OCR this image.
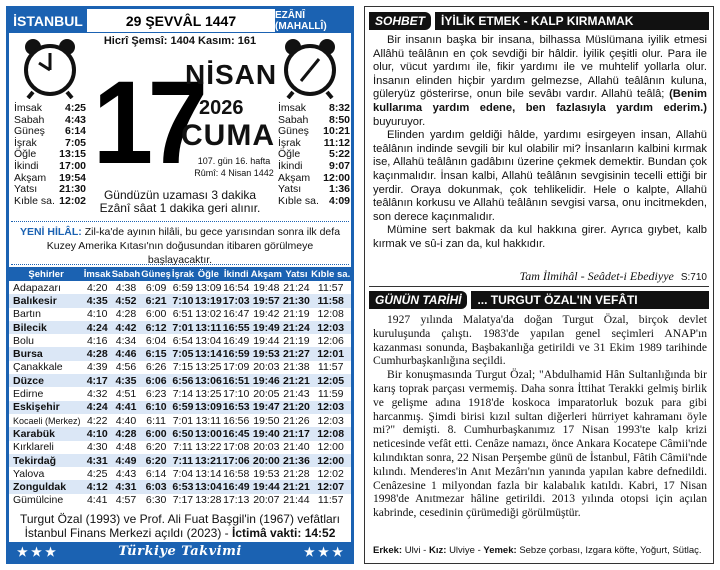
İSTANBUL	29 ŞEVVÂL 1447	EZÂNÎ (MAHALLÎ)
Hicrî Şemsî: 1404 Kasım: 161
17
NİSAN
2026
CUMA
107. gün 16. hafta
Rûmî: 4 Nisan 1442
İmsak 4:25
Sabah 4:43
Güneş 6:14
İşrak	7:05
Öğle 13:15
İkindi 17:00
Akşam 19:54
Yatsı 21:30
Kıble sa. 12:02
İmsak 8:32
Sabah 8:50
Güneş 10:21
İşrak 11:12
Öğle	5:22
İkindi	9:07
Akşam 12:00
Yatsı	1:36
Kıble sa. 4:09
Gündüzün uzaması 3 dakika
Ezânî sâat 1 dakika geri alınır.
YENİ HİLÂL: Zil-ka'de ayının hilâli, bu gece yarısından sonra ilk defa Kuzey Amerika Kıtası'nın doğusundan itibaren görülmeye başlayacaktır.
Şehirler	İmsak	Sabah	Güneş	İşrak	Öğle	İkindi	Akşam	Yatsı	Kıble sa.
Adapazarı	4:20	4:38	6:09	6:59	13:09	16:54	19:48	21:24	11:57
Balıkesir	4:35	4:52	6:21	7:10	13:19	17:03	19:57	21:30	11:58
Bartın	4:10	4:28	6:00	6:51	13:02	16:47	19:42	21:19	12:08
Bilecik	4:24	4:42	6:12	7:01	13:11	16:55	19:49	21:24	12:03
Bolu	4:16	4:34	6:04	6:54	13:04	16:49	19:44	21:19	12:06
Bursa	4:28	4:46	6:15	7:05	13:14	16:59	19:53	21:27	12:01
Çanakkale	4:39	4:56	6:26	7:15	13:25	17:09	20:03	21:38	11:57
Düzce	4:17	4:35	6:06	6:56	13:06	16:51	19:46	21:21	12:05
Edirne	4:32	4:51	6:23	7:14	13:25	17:10	20:05	21:43	11:59
Eskişehir	4:24	4:41	6:10	6:59	13:09	16:53	19:47	21:20	12:03
Kocaeli (Merkez)	4:22	4:40	6:11	7:01	13:11	16:56	19:50	21:26	12:03
Karabük	4:10	4:28	6:00	6:50	13:00	16:45	19:40	21:17	12:08
Kırklareli	4:30	4:48	6:20	7:11	13:22	17:08	20:03	21:40	12:00
Tekirdağ	4:31	4:49	6:20	7:11	13:21	17:06	20:00	21:36	12:00
Yalova	4:25	4:43	6:14	7:04	13:14	16:58	19:53	21:28	12:02
Zonguldak	4:12	4:31	6:03	6:53	13:04	16:49	19:44	21:21	12:07
Gümülcine	4:41	4:57	6:30	7:17	13:28	17:13	20:07	21:44	11:57
Turgut Özal (1993) ve Prof. Ali Fuat Başgil'in (1967) vefâtları
İstanbul Finans Merkezi açıldı (2023) - İctimâ vakti: 14:52
★ ★ ★	Türkiye Takvimi	★ ★ ★
SOHBET	İYİLİK ETMEK - KALP KIRMAMAK

Bir insanın başka bir insana, bilhassa Müslümana iyilik etmesi Allâhü teâlânın en çok sevdiği bir hâldir. İyilik çeşitli olur. Para ile olur, vücut yardımı ile, fikir yardımı ile ve muhtelif yollarla olur. İnsanın elinden hiçbir yardım gelmezse, Allahü teâlânın kuluna, güleryüz gösterirse, onun bile sevâbı vardır. Allahü teâlâ; (Benim kullarıma yardım edene, ben fazlasıyla yardım ederim.) buyuruyor.

Elinden yardım geldiği hâlde, yardımı esirgeyen insan, Allahü teâlânın indinde sevgili bir kul olabilir mi? İnsanların kalbini kırmak ise, Allahü teâlânın gadâbını üzerine çekmek demektir. Bundan çok kaçınmalıdır. İnsan kalbi, Allahü teâlânın sevgisinin tecelli ettiği bir yerdir. Oraya dokunmak, çok tehlikelidir. Hele o kalpte, Allahü teâlânın korkusu ve Allahü teâlânın sevgisi varsa, onu incitmekden, son derece kaçınmalıdır.

Mümine sert bakmak da kul hakkına girer. Ayrıca gıybet, kalb kırmak ve sû-i zan da, kul hakkıdır.

Tam İlmihâl - Seâdet-i Ebediyye S:710
GÜNÜN TARİHİ	... TURGUT ÖZAL'IN VEFÂTI

1927 yılında Malatya'da doğan Turgut Özal, birçok devlet kuruluşunda çalıştı. 1983'de yapılan genel seçimleri ANAP'ın kazanması sonunda, Başbakanlığa getirildi ve 31 Ekim 1989 tarihinde Cumhurbaşkanlığına seçildi.

Bir konuşmasında Turgut Özal; "Abdulhamid Hân Sultanlığında bir karış toprak parçası vermemiş. Daha sonra İttihat Terakki gelmiş birlik ve gelişme adına 1918'de koskoca imparatorluk bozuk para gibi harcanmış. Şimdi birisi kızıl sultan diğerleri hürriyet kahramanı öyle mi?" demişti. 8. Cumhurbaşkanımız 17 Nisan 1993'te kalp krizi neticesinde vefât etti. Cenâze namazı, önce Ankara Kocatepe Câmii'nde kılındıktan sonra, 22 Nisan Perşembe günü de İstanbul, Fâtih Câmii'nde kılındı. Menderes'in Anıt Mezârı'nın yanında yapılan kabre defnedildi. Cenâzesine 1 milyondan fazla bir kalabalık katıldı. Kabri, 17 Nisan 1998'de Anıtmezar hâline getirildi. 2013 yılında otopsi için açılan kabrinde, cesedinin çürümediği görülmüştür.

Erkek: Ulvi - Kız: Ulviye - Yemek: Sebze çorbası, Izgara köfte, Yoğurt, Sütlaç.
